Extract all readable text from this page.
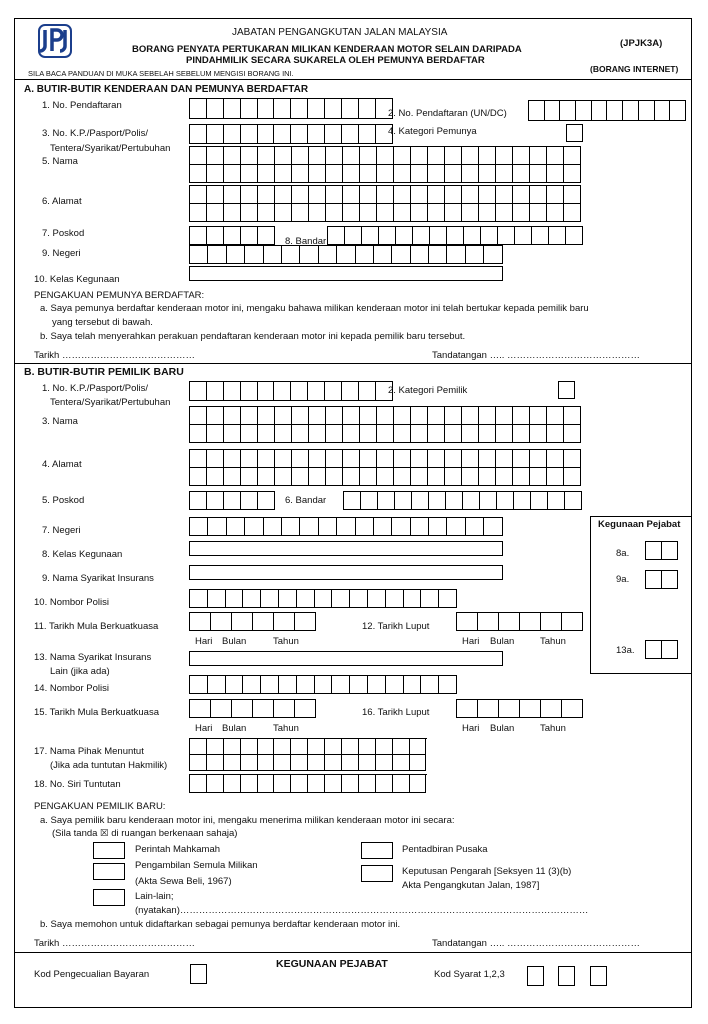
JABATAN PENGANGKUTAN JALAN MALAYSIA
BORANG PENYATA PERTUKARAN MILIKAN KENDERAAN MOTOR SELAIN DARIPADA
PINDAHMILIK SECARA SUKARELA OLEH PEMUNYA BERDAFTAR
(JPJK3A)
SILA BACA PANDUAN DI MUKA SEBELAH SEBELUM MENGISI BORANG INI.	(BORANG INTERNET)
A. BUTIR-BUTIR KENDERAAN DAN PEMUNYA BERDAFTAR
1. No. Pendaftaran
2. No. Pendaftaran (UN/DC)
3. No. K.P./Pasport/Polis/
Tentera/Syarikat/Pertubuhan
4. Kategori Pemunya
5. Nama
6. Alamat
7. Poskod
8. Bandar
9. Negeri
10. Kelas Kegunaan
PENGAKUAN PEMUNYA BERDAFTAR:
a. Saya pemunya berdaftar kenderaan motor ini, mengaku bahawa milikan kenderaan motor ini telah bertukar kepada pemilik baru
yang tersebut di bawah.
b. Saya telah menyerahkan perakuan pendaftaran kenderaan motor ini kepada pemilik baru tersebut.
Tarikh ……………………………………	Tandatangan ….. ……………………………………
B. BUTIR-BUTIR PEMILIK BARU
1. No. K.P./Pasport/Polis/
Tentera/Syarikat/Pertubuhan
2. Kategori Pemilik
3. Nama
4. Alamat
5. Poskod	6. Bandar
7. Negeri
8. Kelas Kegunaan
9. Nama Syarikat Insurans
10. Nombor Polisi
11. Tarikh Mula Berkuatkuasa
Hari Bulan	Tahun
12. Tarikh Luput
Hari Bulan	Tahun
13. Nama Syarikat Insurans
Lain (jika ada)
14. Nombor Polisi
15. Tarikh Mula Berkuatkuasa
Hari Bulan	Tahun
16. Tarikh Luput
Hari Bulan	Tahun
17. Nama Pihak Menuntut
(Jika ada tuntutan Hakmilik)
18. No. Siri Tuntutan
Kegunaan Pejabat
8a.
9a.
13a.
PENGAKUAN PEMILIK BARU:
a. Saya pemilik baru kenderaan motor ini, mengaku menerima milikan kenderaan motor ini secara:
(Sila tanda ☒ di ruangan berkenaan sahaja)
Perintah Mahkamah	Pentadbiran Pusaka
Pengambilan Semula Milikan
(Akta Sewa Beli, 1967)
Keputusan Pengarah [Seksyen 11 (3)(b)
Akta Pengangkutan Jalan, 1987]
Lain-lain;
(nyatakan)…………………………………………………………………………………………………………………
b. Saya memohon untuk didaftarkan sebagai pemunya berdaftar kenderaan motor ini.
Tarikh ……………………………………	Tandatangan ….. ……………………………………
KEGUNAAN PEJABAT
Kod Pengecualian Bayaran	Kod Syarat 1,2,3
